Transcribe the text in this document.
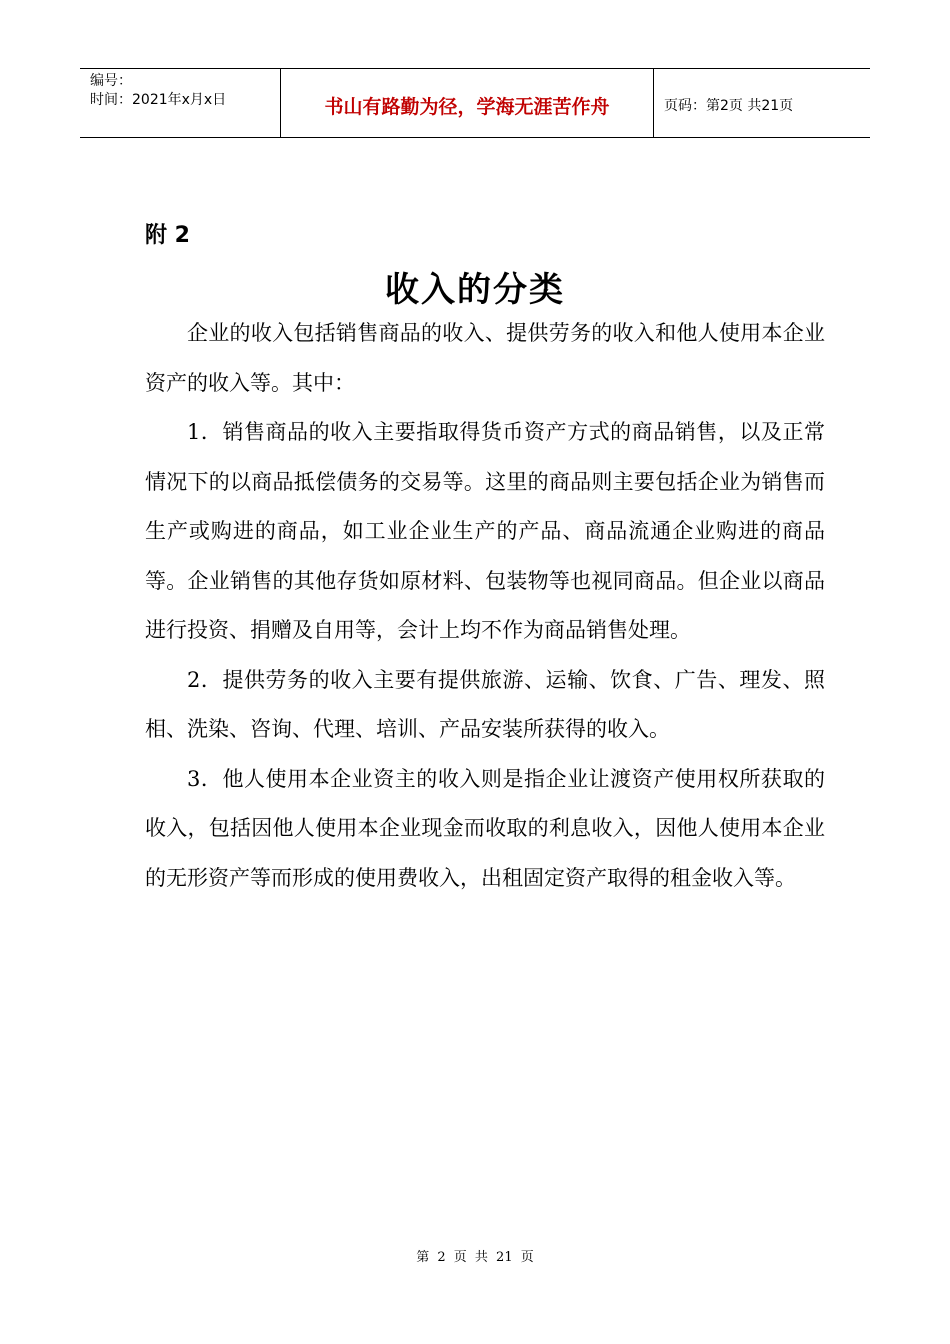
编号：
时间：2021年x月x日	书山有路勤为径，学海无涯苦作舟	页码：第2页 共21页
附 2
收入的分类

企业的收入包括销售商品的收入、提供劳务的收入和他人使用本企业资产的收入等。其中：

1．销售商品的收入主要指取得货币资产方式的商品销售，以及正常情况下的以商品抵偿债务的交易等。这里的商品则主要包括企业为销售而生产或购进的商品，如工业企业生产的产品、商品流通企业购进的商品等。企业销售的其他存货如原材料、包装物等也视同商品。但企业以商品进行投资、捐赠及自用等，会计上均不作为商品销售处理。

2．提供劳务的收入主要有提供旅游、运输、饮食、广告、理发、照相、洗染、咨询、代理、培训、产品安装所获得的收入。

3．他人使用本企业资主的收入则是指企业让渡资产使用权所获取的收入，包括因他人使用本企业现金而收取的利息收入，因他人使用本企业的无形资产等而形成的使用费收入，出租固定资产取得的租金收入等。

第 2 页 共 21 页
